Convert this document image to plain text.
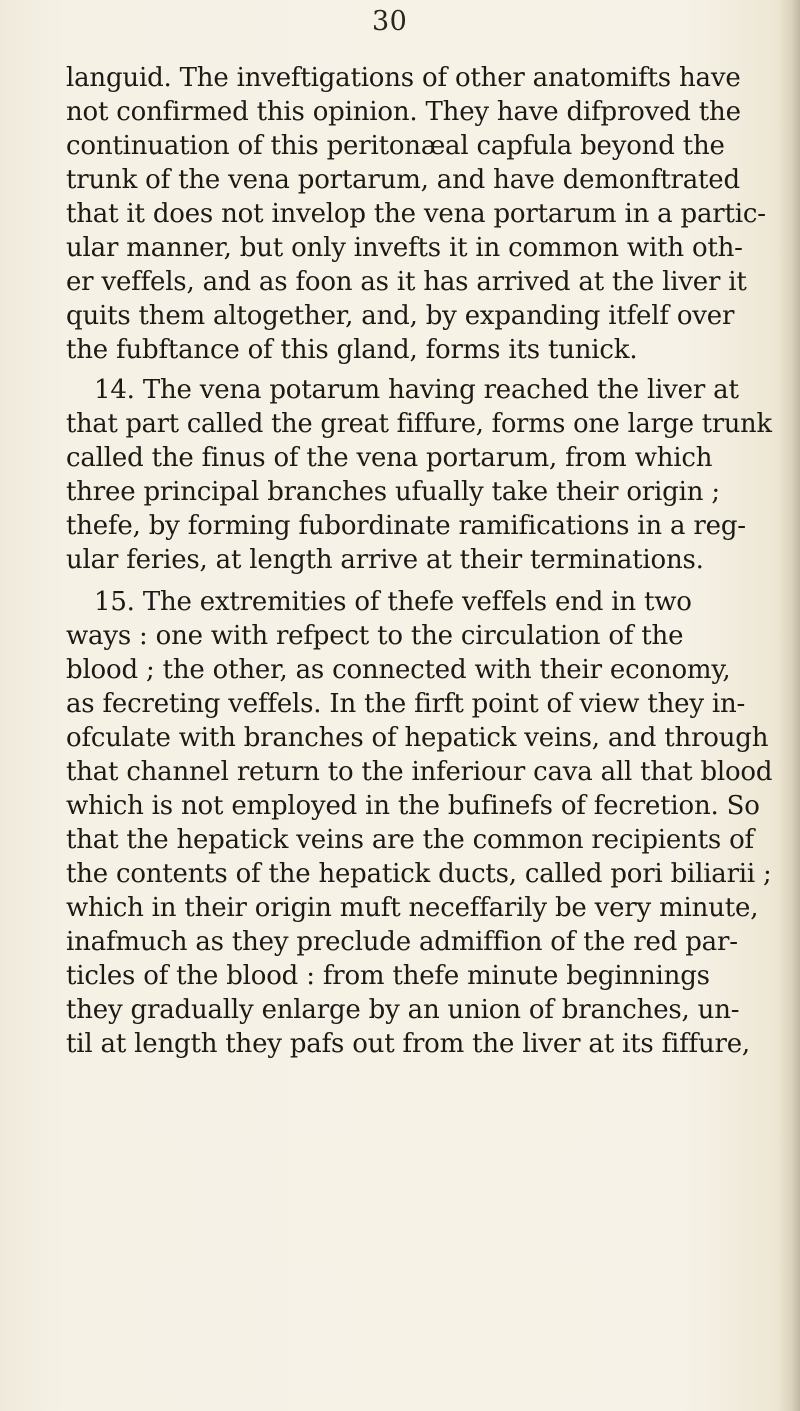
30
languid. The inveftigations of other anatomifts have
not confirmed this opinion. They have difproved the
continuation of this peritonæal capfula beyond the
trunk of the vena portarum, and have demonftrated
that it does not invelop the vena portarum in a partic-
ular manner, but only invefts it in common with oth-
er veffels, and as foon as it has arrived at the liver it
quits them altogether, and, by expanding itfelf over
the fubftance of this gland, forms its tunick.
14. The vena potarum having reached the liver at
that part called the great fiffure, forms one large trunk
called the finus of the vena portarum, from which
three principal branches ufually take their origin ;
thefe, by forming fubordinate ramifications in a reg-
ular feries, at length arrive at their terminations.
15. The extremities of thefe veffels end in two
ways : one with refpect to the circulation of the
blood ; the other, as connected with their economy,
as fecreting veffels. In the firft point of view they in-
ofculate with branches of hepatick veins, and through
that channel return to the inferiour cava all that blood
which is not employed in the bufinefs of fecretion. So
that the hepatick veins are the common recipients of
the contents of the hepatick ducts, called pori biliarii ;
which in their origin muft neceffarily be very minute,
inafmuch as they preclude admiffion of the red par-
ticles of the blood : from thefe minute beginnings
they gradually enlarge by an union of branches, un-
til at length they pafs out from the liver at its fiffure,
